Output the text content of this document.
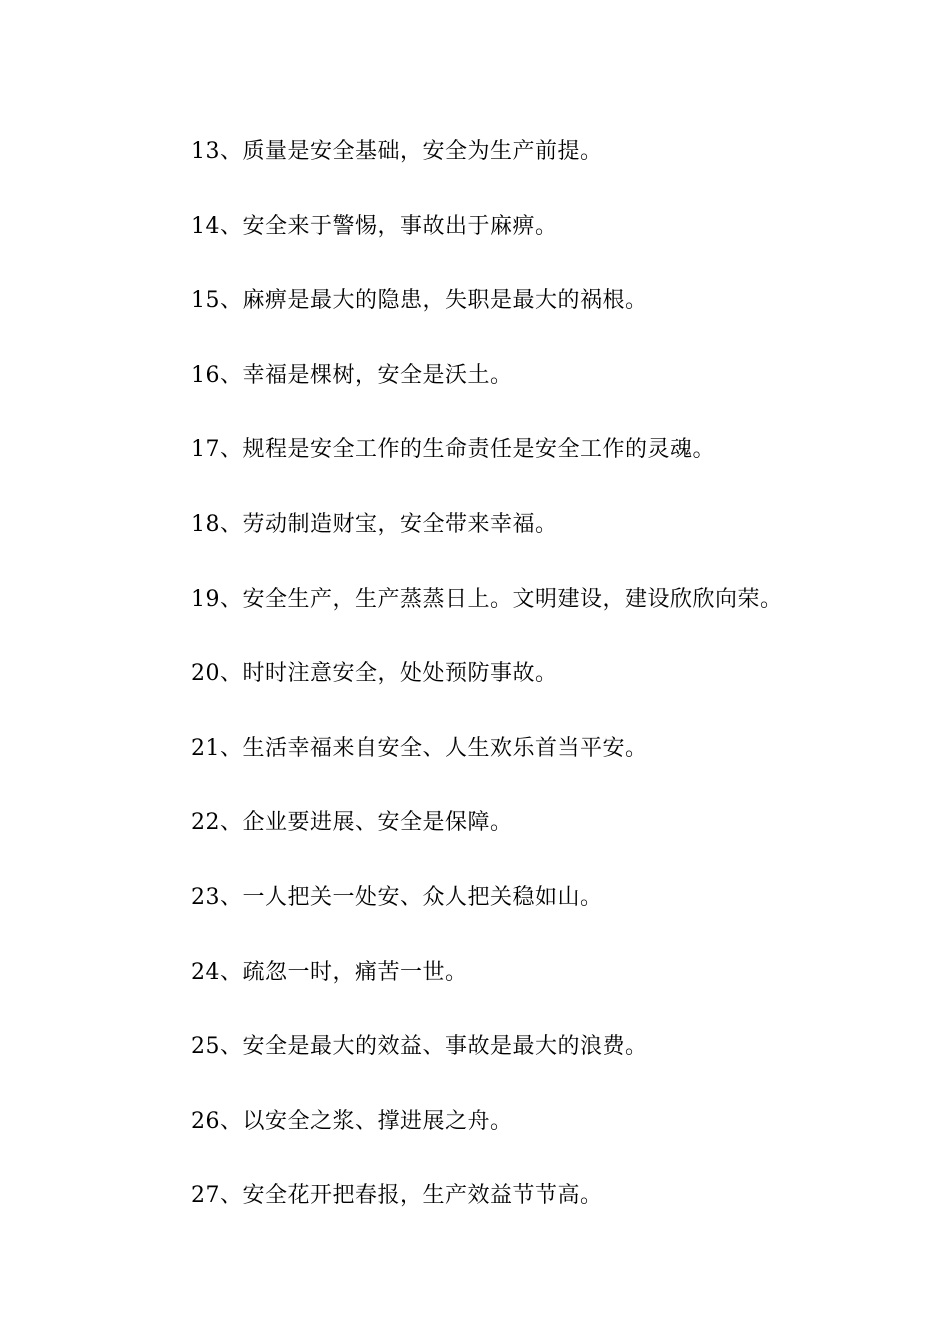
13、质量是安全基础，安全为生产前提。
14、安全来于警惕，事故出于麻痹。
15、麻痹是最大的隐患，失职是最大的祸根。
16、幸福是棵树，安全是沃土。
17、规程是安全工作的生命责任是安全工作的灵魂。
18、劳动制造财宝，安全带来幸福。
19、安全生产，生产蒸蒸日上。文明建设，建设欣欣向荣。
20、时时注意安全，处处预防事故。
21、生活幸福来自安全、人生欢乐首当平安。
22、企业要进展、安全是保障。
23、一人把关一处安、众人把关稳如山。
24、疏忽一时，痛苦一世。
25、安全是最大的效益、事故是最大的浪费。
26、以安全之浆、撑进展之舟。
27、安全花开把春报，生产效益节节高。
